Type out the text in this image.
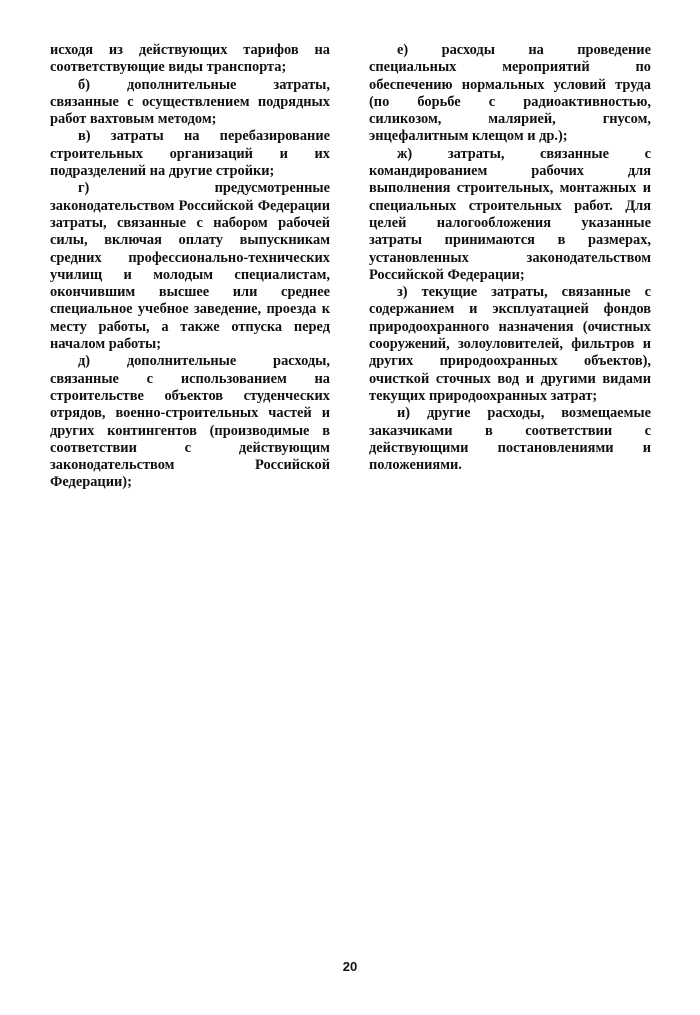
исходя из действующих тарифов на соответствующие виды транспорта;

б) дополнительные затраты, связанные с осуществлением подрядных работ вахтовым методом;

в) затраты на перебазирование строительных организаций и их подразделений на другие стройки;

г) предусмотренные законодательством Российской Федерации затраты, связанные с набором рабочей силы, включая оплату выпускникам средних профессионально-технических училищ и молодым специалистам, окончившим высшее или среднее специальное учебное заведение, проезда к месту работы, а также отпуска перед началом работы;

д) дополнительные расходы, связанные с использованием на строительстве объектов студенческих отрядов, военно-строительных частей и других контингентов (производимые в соответствии с действующим законодательством Российской Федерации);

е) расходы на проведение специальных мероприятий по обеспечению нормальных условий труда (по борьбе с радиоактивностью, силикозом, малярией, гнусом, энцефалитным клещом и др.);

ж) затраты, связанные с командированием рабочих для выполнения строительных, монтажных и специальных строительных работ. Для целей налогообложения указанные затраты принимаются в размерах, установленных законодательством Российской Федерации;

з) текущие затраты, связанные с содержанием и эксплуатацией фондов природоохранного назначения (очистных сооружений, золоуловителей, фильтров и других природоохранных объектов), очисткой сточных вод и другими видами текущих природоохранных затрат;

и) другие расходы, возмещаемые заказчиками в соответствии с действующими постановлениями и положениями.

20
